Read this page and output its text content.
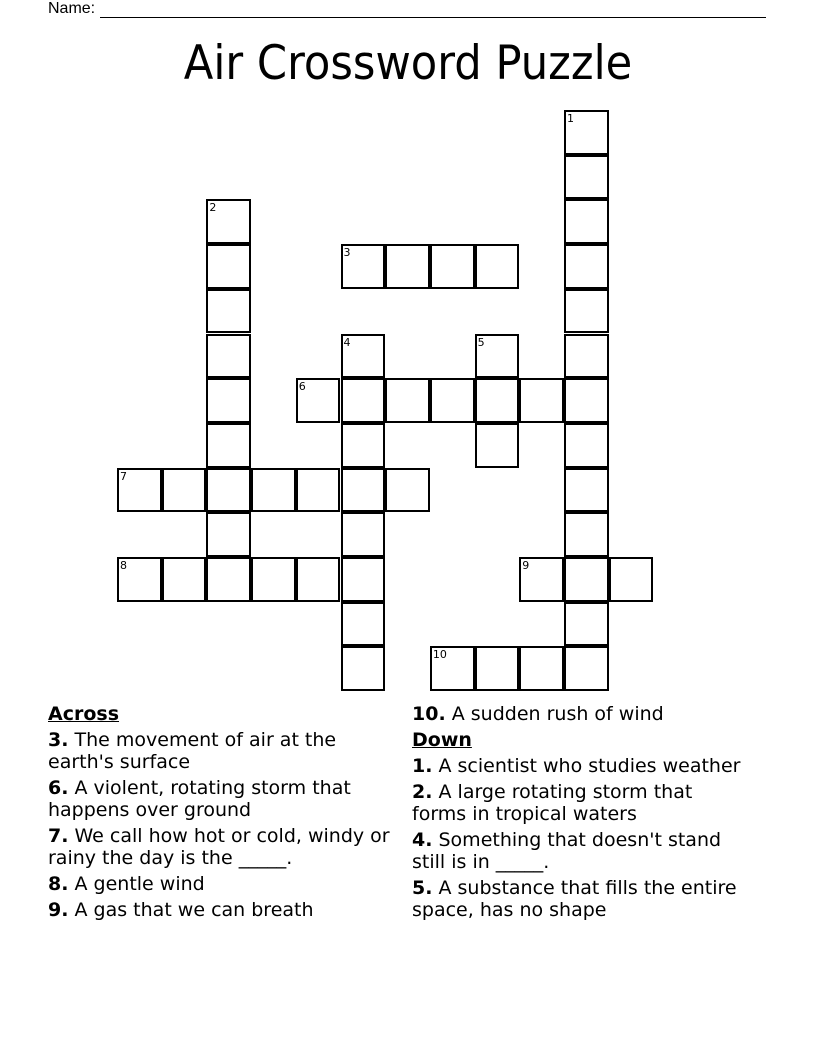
Name:
Air Crossword Puzzle
1
2
3
4	5
6
7
8	9
10
Across
3. The movement of air at the earth's surface
6. A violent, rotating storm that happens over ground
7. We call how hot or cold, windy or rainy the day is the _____.
8. A gentle wind
9. A gas that we can breath
10. A sudden rush of wind
Down
1. A scientist who studies weather
2. A large rotating storm that forms in tropical waters
4. Something that doesn't stand still is in _____.
5. A substance that fills the entire space, has no shape
